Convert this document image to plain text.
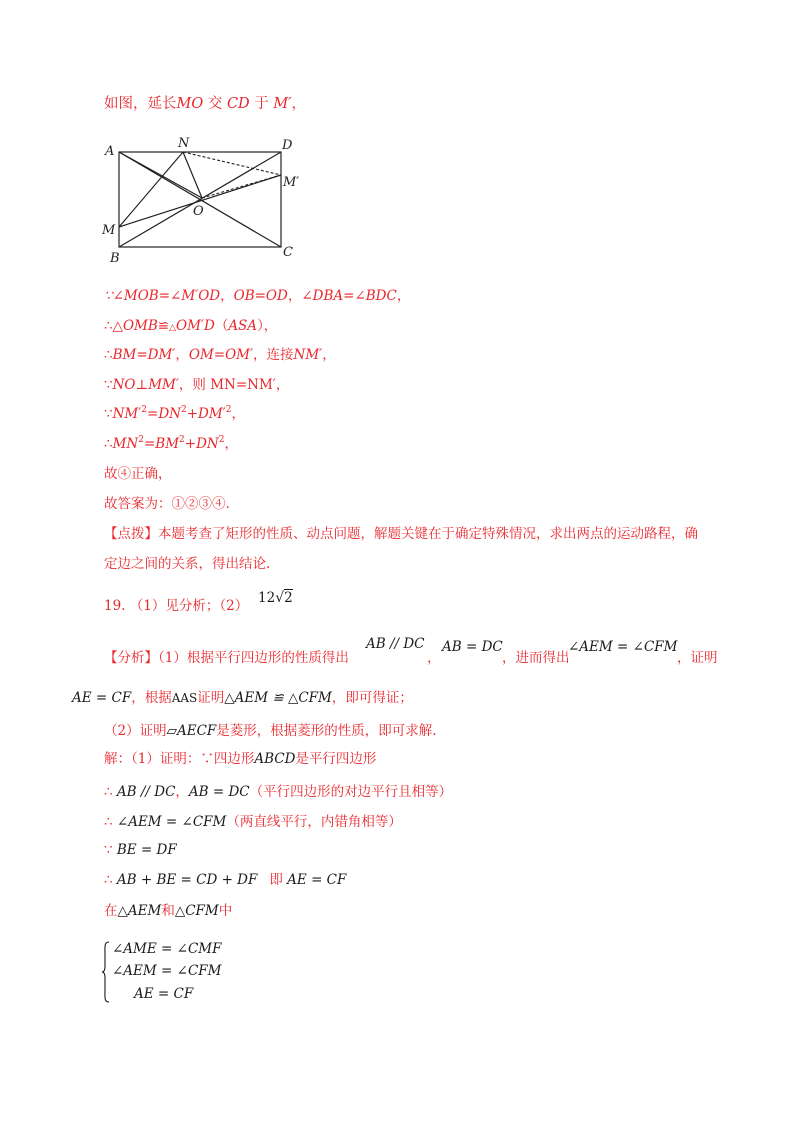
如图，延长MO 交 CD 于 M′，
A
N	D
M′
O
M
B	C
∵∠MOB=∠M′OD，OB=OD，∠DBA=∠BDC，
∴△OMB≌△OM′D（ASA），
∴BM=DM′，OM=OM′，连接NM′，
∵NO⊥MM′，则 MN=NM′，
$\because NM'^2=DN^2+DM'^2$，
$\therefore MN^2=BM^2+DN^2$，
故④正确，
故答案为：①②③④.
【点拨】本题考查了矩形的性质、动点问题，解题关键在于确定特殊情况，求出两点的运动路程，确
定边之间的关系，得出结论.
19. （1）见分析；（2） 12√2
【分析】（1）根据平行四边形的性质得出
AB // DC
，
AB = DC
，进而得出
∠AEM = ∠CFM
，证明
AE = CF，根据AAS证明△AEM ≌ △CFM，即可得证；
（2）证明▱AECF是菱形，根据菱形的性质，即可求解.
解：（1）证明：∵四边形ABCD是平行四边形
∴ AB // DC，AB = DC（平行四边形的对边平行且相等）
∴ ∠AEM = ∠CFM（两直线平行，内错角相等）
∵ BE = DF
∴ AB + BE = CD + DF 即 AE = CF
在△AEM和△CFM中
∠AME = ∠CMF
∠AEM = ∠CFM
AE = CF
